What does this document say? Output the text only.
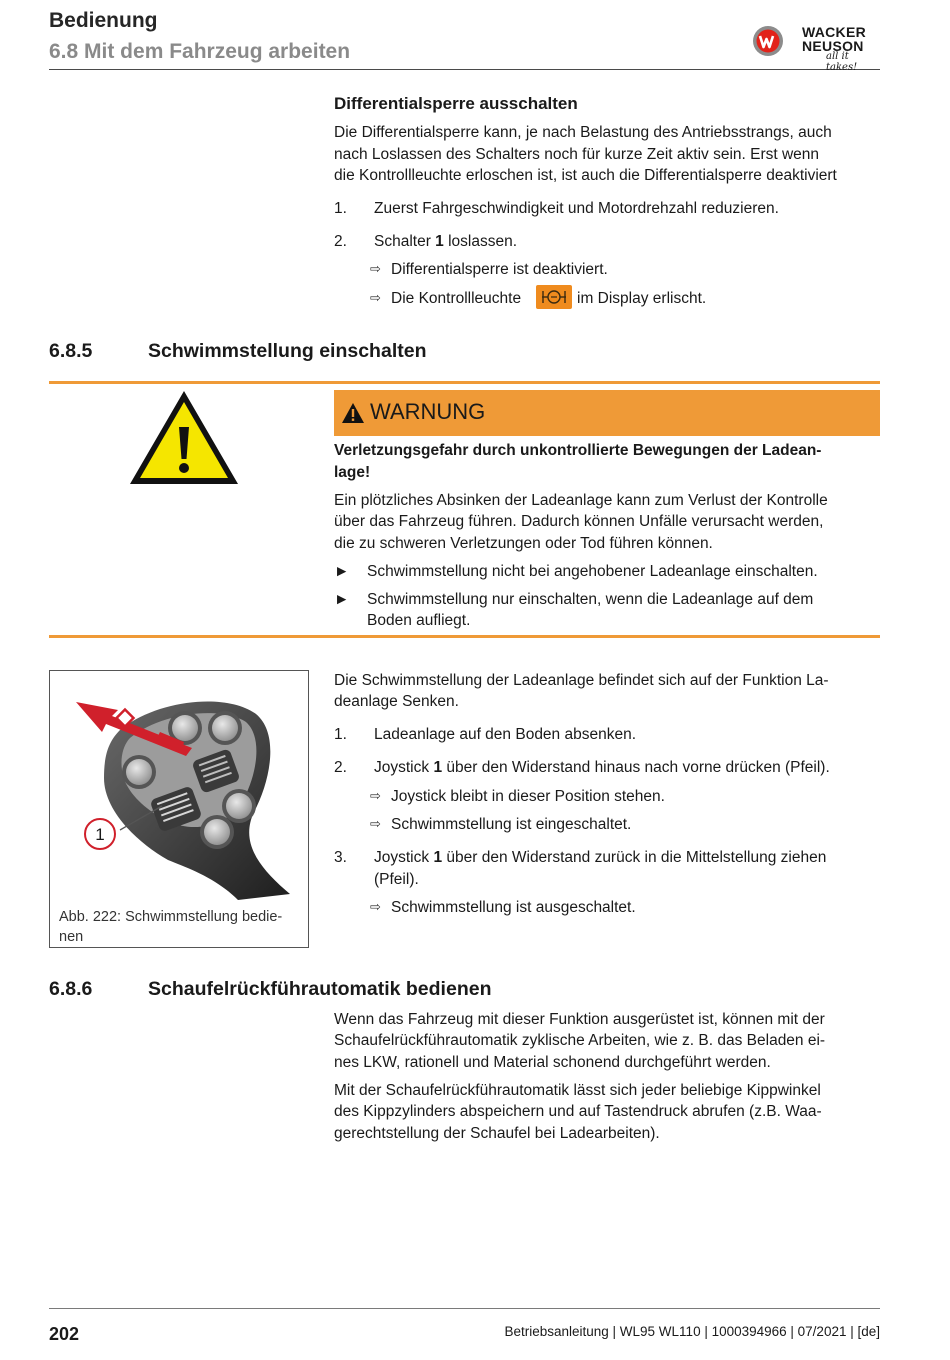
Bedienung
6.8 Mit dem Fahrzeug arbeiten
WACKER
NEUSON
all it takes!
Differentialsperre ausschalten
Die Differentialsperre kann, je nach Belastung des Antriebsstrangs, auch
nach Loslassen des Schalters noch für kurze Zeit aktiv sein. Erst wenn
die Kontrollleuchte erloschen ist, ist auch die Differentialsperre deaktiviert
1. Zuerst Fahrgeschwindigkeit und Motordrehzahl reduzieren.
2. Schalter 1 loslassen.
⇨ Differentialsperre ist deaktiviert.
⇨ Die Kontrollleuchte	im Display erlischt.
6.8.5	Schwimmstellung einschalten
WARNUNG
Verletzungsgefahr durch unkontrollierte Bewegungen der Ladean-
lage!
Ein plötzliches Absinken der Ladeanlage kann zum Verlust der Kontrolle
über das Fahrzeug führen. Dadurch können Unfälle verursacht werden,
die zu schweren Verletzungen oder Tod führen können.
► Schwimmstellung nicht bei angehobener Ladeanlage einschalten.
► Schwimmstellung nur einschalten, wenn die Ladeanlage auf dem
Boden aufliegt.
1
Abb. 222: Schwimmstellung bedie-
nen
Die Schwimmstellung der Ladeanlage befindet sich auf der Funktion La-
deanlage Senken.
1. Ladeanlage auf den Boden absenken.
2. Joystick 1 über den Widerstand hinaus nach vorne drücken (Pfeil).
⇨ Joystick bleibt in dieser Position stehen.
⇨ Schwimmstellung ist eingeschaltet.
3. Joystick 1 über den Widerstand zurück in die Mittelstellung ziehen
(Pfeil).
⇨ Schwimmstellung ist ausgeschaltet.
6.8.6	Schaufelrückführautomatik bedienen
Wenn das Fahrzeug mit dieser Funktion ausgerüstet ist, können mit der
Schaufelrückführautomatik zyklische Arbeiten, wie z. B. das Beladen ei-
nes LKW, rationell und Material schonend durchgeführt werden.
Mit der Schaufelrückführautomatik lässt sich jeder beliebige Kippwinkel
des Kippzylinders abspeichern und auf Tastendruck abrufen (z.B. Waa-
gerechtstellung der Schaufel bei Ladearbeiten).
202	Betriebsanleitung | WL95 WL110 | 1000394966 | 07/2021 | [de]
